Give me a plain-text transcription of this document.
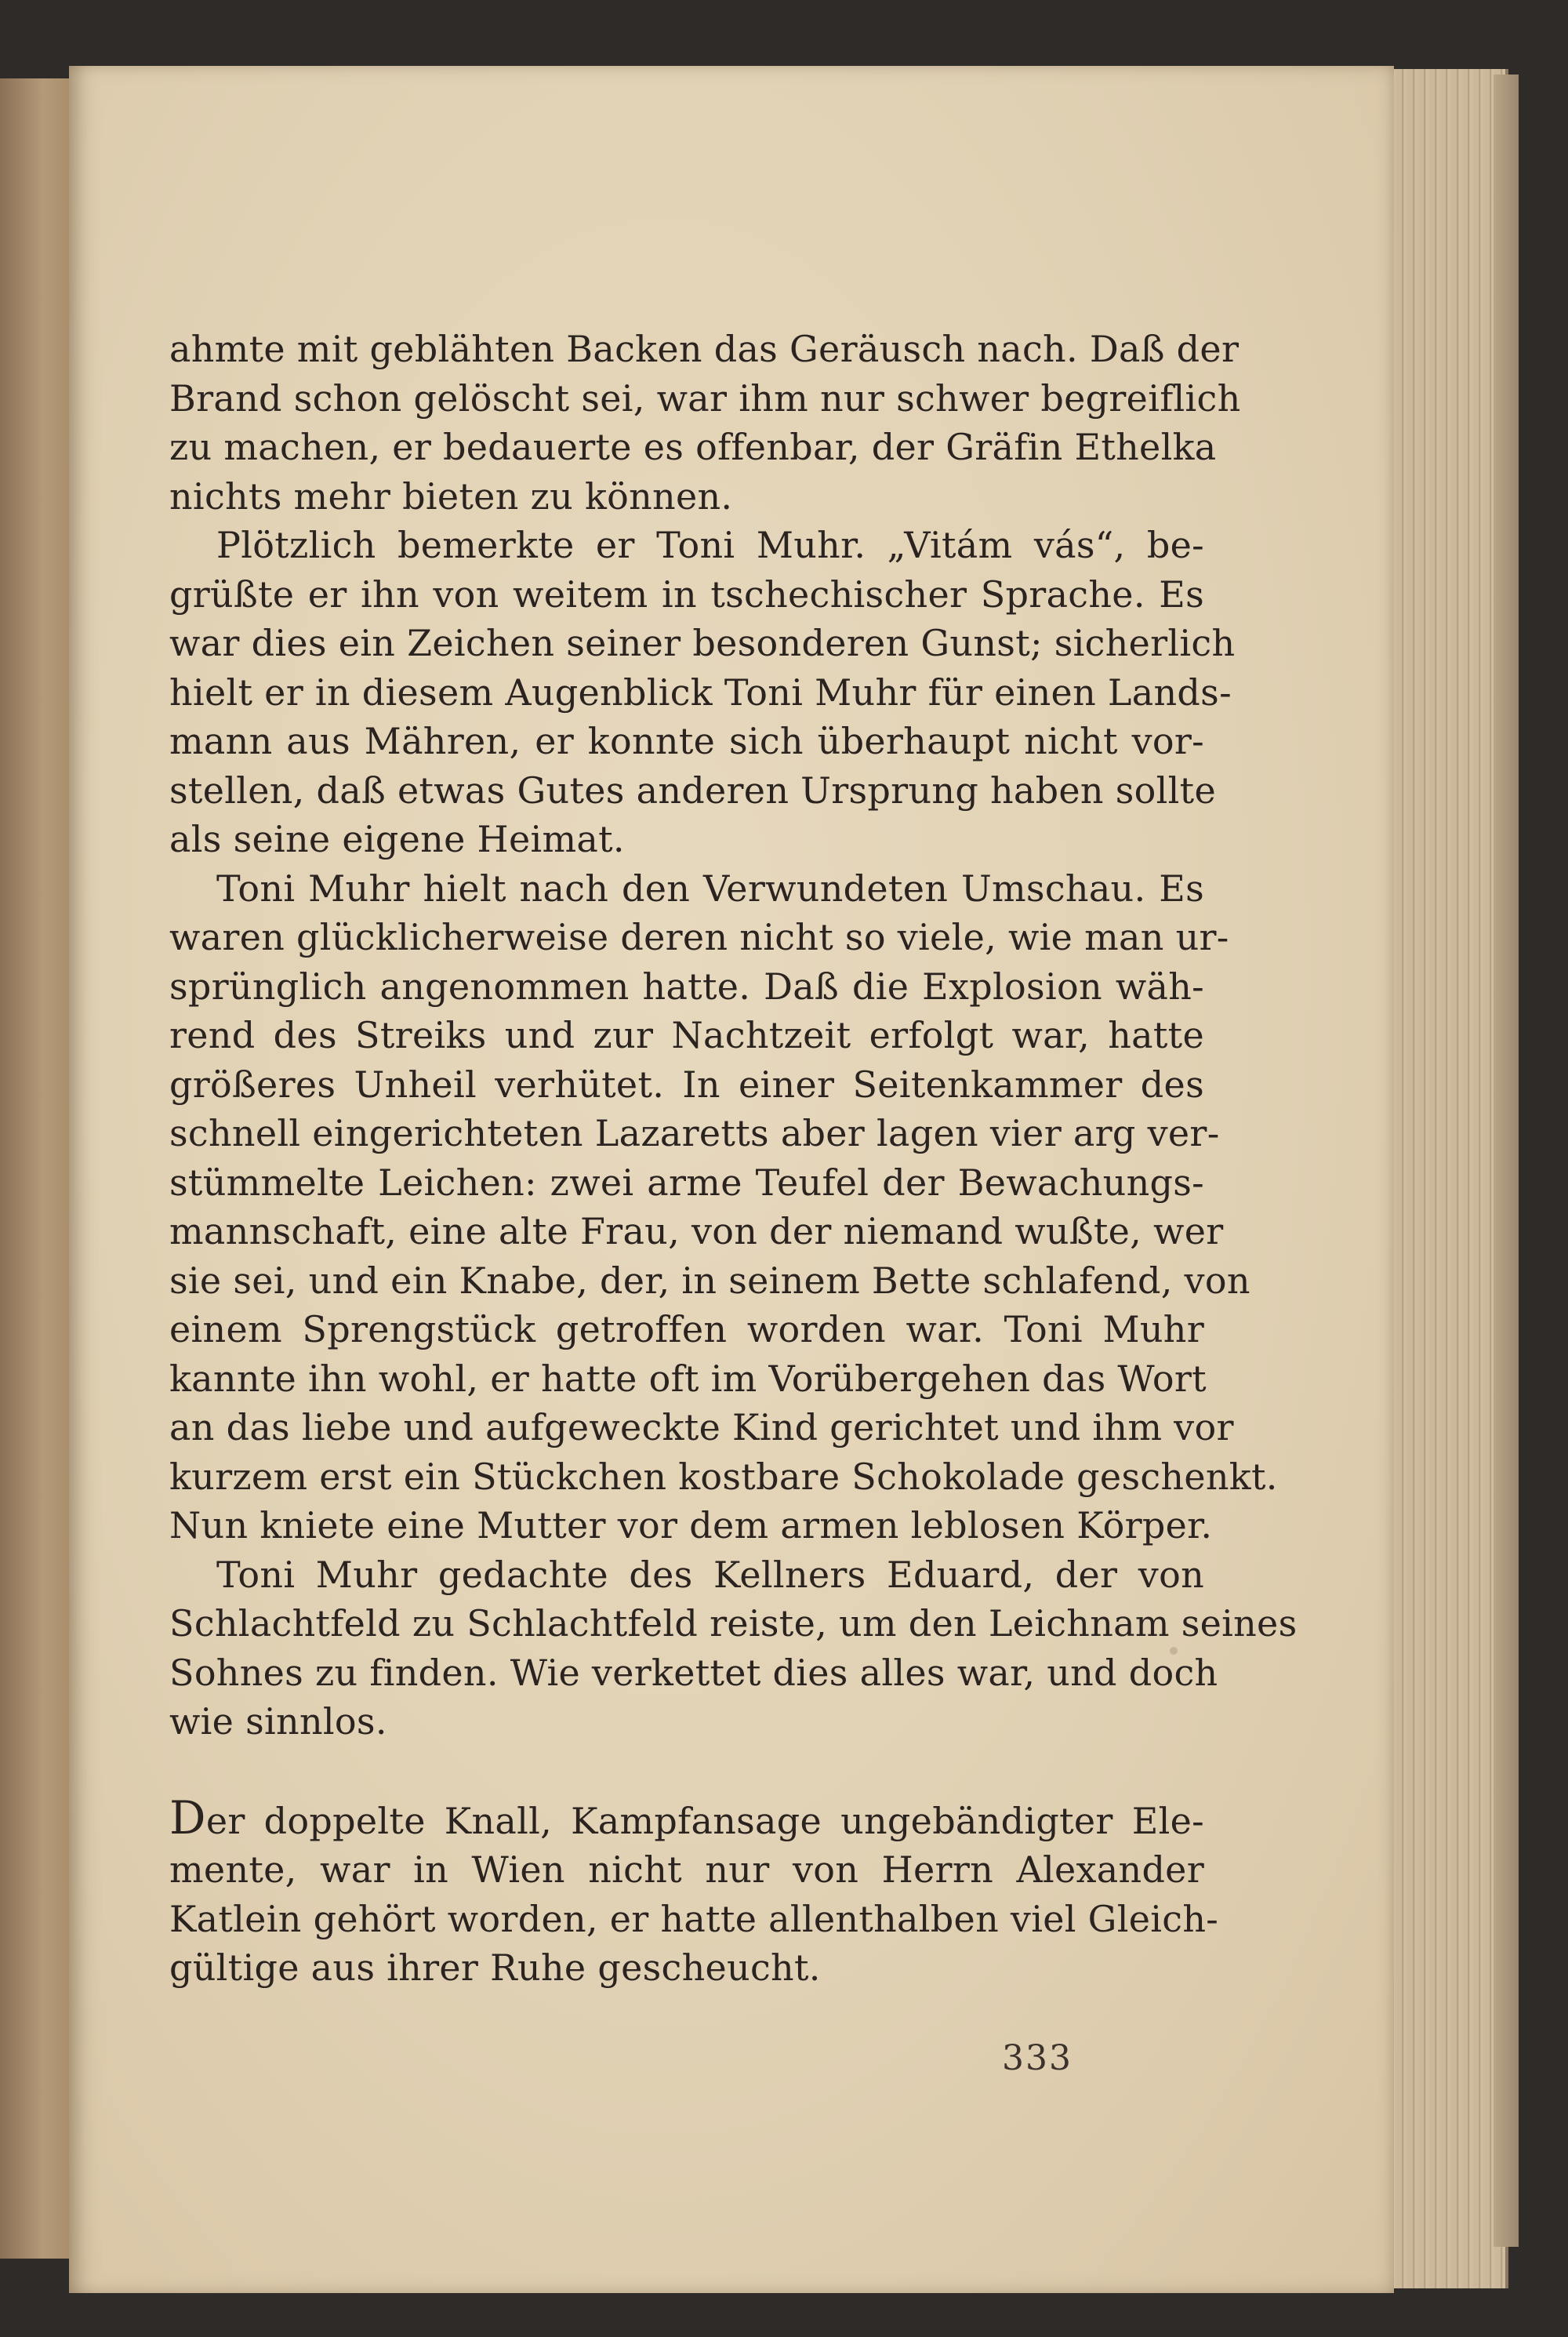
ahmte mit geblähten Backen das Geräusch nach. Daß der
Brand schon gelöscht sei, war ihm nur schwer begreiflich
zu machen, er bedauerte es offenbar, der Gräfin Ethelka
nichts mehr bieten zu können.

Plötzlich bemerkte er Toni Muhr. „Vitám vás“, be-
grüßte er ihn von weitem in tschechischer Sprache. Es
war dies ein Zeichen seiner besonderen Gunst; sicherlich
hielt er in diesem Augenblick Toni Muhr für einen Lands-
mann aus Mähren, er konnte sich überhaupt nicht vor-
stellen, daß etwas Gutes anderen Ursprung haben sollte
als seine eigene Heimat.

Toni Muhr hielt nach den Verwundeten Umschau. Es
waren glücklicherweise deren nicht so viele, wie man ur-
sprünglich angenommen hatte. Daß die Explosion wäh-
rend des Streiks und zur Nachtzeit erfolgt war, hatte
größeres Unheil verhütet. In einer Seitenkammer des
schnell eingerichteten Lazaretts aber lagen vier arg ver-
stümmelte Leichen: zwei arme Teufel der Bewachungs-
mannschaft, eine alte Frau, von der niemand wußte, wer
sie sei, und ein Knabe, der, in seinem Bette schlafend, von
einem Sprengstück getroffen worden war. Toni Muhr
kannte ihn wohl, er hatte oft im Vorübergehen das Wort
an das liebe und aufgeweckte Kind gerichtet und ihm vor
kurzem erst ein Stückchen kostbare Schokolade geschenkt.
Nun kniete eine Mutter vor dem armen leblosen Körper.

Toni Muhr gedachte des Kellners Eduard, der von
Schlachtfeld zu Schlachtfeld reiste, um den Leichnam seines
Sohnes zu finden. Wie verkettet dies alles war, und doch
wie sinnlos.

Der doppelte Knall, Kampfansage ungebändigter Ele-
mente, war in Wien nicht nur von Herrn Alexander
Katlein gehört worden, er hatte allenthalben viel Gleich-
gültige aus ihrer Ruhe gescheucht.

333
